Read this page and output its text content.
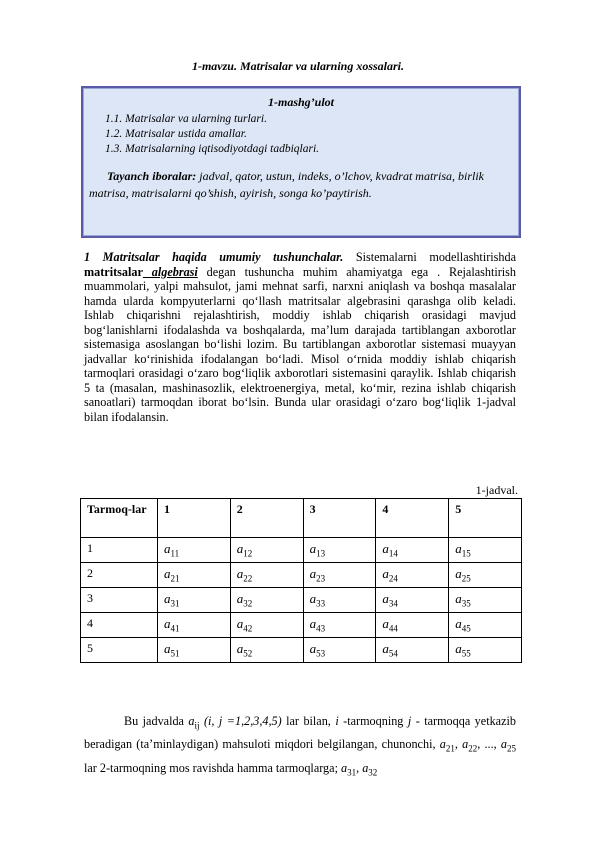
1-mavzu. Matrisalar va ularning xossalari.
1-mashg’ulot
1.1. Matrisalar va ularning turlari.
1.2. Matrisalar ustida amallar.
1.3. Matrisalarning iqtisodiyotdagi tadbiqlari.
Tayanch iboralar: jadval, qator, ustun, indeks, o’lchov, kvadrat matrisa, birlik matrisa, matrisalarni qo’shish, ayirish, songa ko’paytirish.
1 Matritsalar haqida umumiy tushunchalar. Sistemalarni modellashtirishda matritsalar algebrasi degan tushuncha muhim ahamiyatga ega . Rejalashtirish muammolari, yalpi mahsulot, jami mehnat sarfi, narxni aniqlash va boshqa masalalar hamda ularda kompyuterlarni qo‘llash matritsalar algebrasini qarashga olib keladi. Ishlab chiqarishni rejalashtirish, moddiy ishlab chiqarish orasidagi mavjud bog‘lanishlarni ifodalashda va boshqalarda, ma’lum darajada tartiblangan axborotlar sistemasiga asoslangan bo‘lishi lozim. Bu tartiblangan axborotlar sistemasi muayyan jadvallar ko‘rinishida ifodalangan bo‘ladi. Misol o‘rnida moddiy ishlab chiqarish tarmoqlari orasidagi o‘zaro bog‘liqlik axborotlari sistemasini qaraylik. Ishlab chiqarish 5 ta (masalan, mashinasozlik, elektroenergiya, metal, ko‘mir, rezina ishlab chiqarish sanoatlari) tarmoqdan iborat bo‘lsin. Bunda ular orasidagi o‘zaro bog‘liqlik 1-jadval bilan ifodalansin.
1-jadval.
Tarmoq-lar	1	2	3	4	5
1	$a_{11}$	$a_{12}$	$a_{13}$	$a_{14}$	$a_{15}$
2	$a_{21}$	$a_{22}$	$a_{23}$	$a_{24}$	$a_{25}$
3	$a_{31}$	$a_{32}$	$a_{33}$	$a_{34}$	$a_{35}$
4	$a_{41}$	$a_{42}$	$a_{43}$	$a_{44}$	$a_{45}$
5	$a_{51}$	$a_{52}$	$a_{53}$	$a_{54}$	$a_{55}$
Bu jadvalda $a_{ij}$ (i, j =1,2,3,4,5) lar bilan, i -tarmoqning j - tarmoqqa yetkazib beradigan (ta’minlaydigan) mahsuloti miqdori belgilangan, chunonchi, $a_{21}$, $a_{22}$, ..., $a_{25}$ lar 2-tarmoqning mos ravishda hamma tarmoqlarga; $a_{31}$, $a_{32}$
